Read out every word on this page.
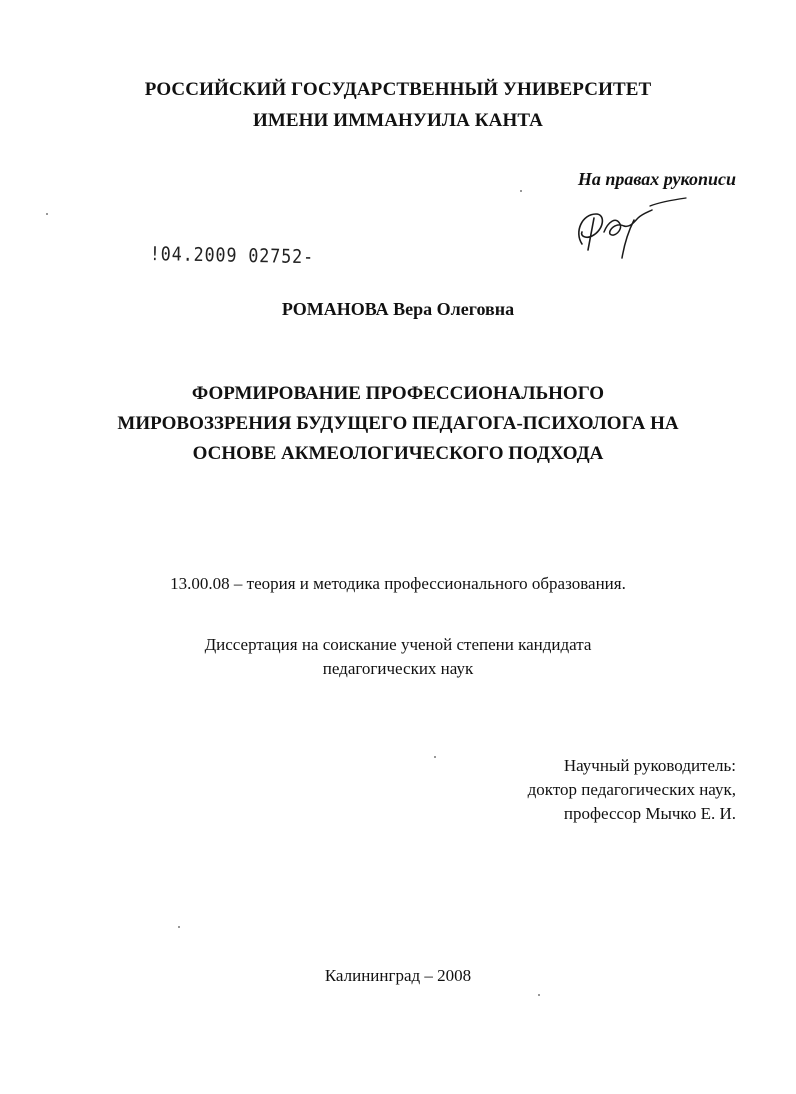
РОССИЙСКИЙ ГОСУДАРСТВЕННЫЙ УНИВЕРСИТЕТ
ИМЕНИ ИММАНУИЛА КАНТА
На правах рукописи
!04.2009 02752-
РОМАНОВА Вера Олеговна
ФОРМИРОВАНИЕ ПРОФЕССИОНАЛЬНОГО
МИРОВОЗЗРЕНИЯ БУДУЩЕГО ПЕДАГОГА-ПСИХОЛОГА НА
ОСНОВЕ АКМЕОЛОГИЧЕСКОГО ПОДХОДА
13.00.08 – теория и методика профессионального образования.
Диссертация на соискание ученой степени кандидата
педагогических наук
Научный руководитель:
доктор педагогических наук,
профессор Мычко Е. И.
Калининград – 2008
